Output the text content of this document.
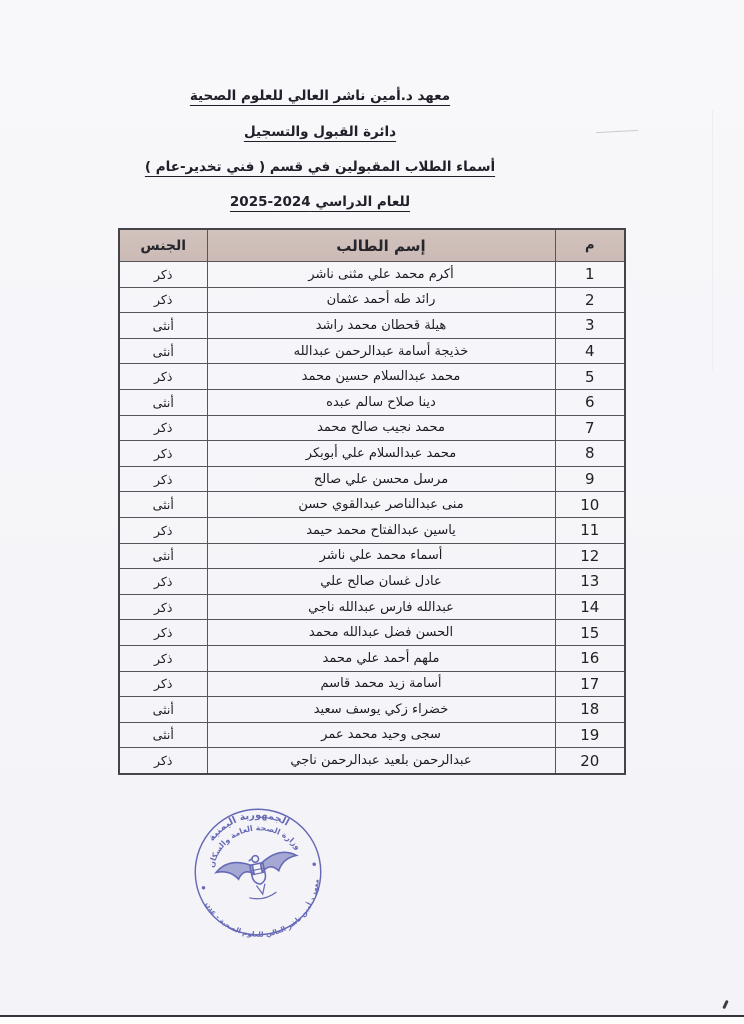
معهد د.أمين ناشر العالي للعلوم الصحية
دائرة القبول والتسجيل
أسماء الطلاب المقبولين في قسم ( فني تخدير-عام )
للعام الدراسي 2024-2025
م	إسم الطالب	الجنس
1	أكرم محمد علي مثنى ناشر	ذكر
2	رائد طه أحمد عثمان	ذكر
3	هيلة قحطان محمد راشد	أنثى
4	خذيجة أسامة عبدالرحمن عبدالله	أنثى
5	محمد عبدالسلام حسين محمد	ذكر
6	دينا صلاح سالم عبده	أنثى
7	محمد نجيب صالح محمد	ذكر
8	محمد عبدالسلام علي أبوبكر	ذكر
9	مرسل محسن علي صالح	ذكر
10	منى عبدالناصر عبدالقوي حسن	أنثى
11	ياسين عبدالفتاح محمد حيمد	ذكر
12	أسماء محمد علي ناشر	أنثى
13	عادل غسان صالح علي	ذكر
14	عبدالله فارس عبدالله ناجي	ذكر
15	الحسن فضل عبدالله محمد	ذكر
16	ملهم أحمد علي محمد	ذكر
17	أسامة زيد محمد قاسم	ذكر
18	خضراء زكي يوسف سعيد	أنثى
19	سجى وحيد محمد عمر	أنثى
20	عبدالرحمن بلعيد عبدالرحمن ناجي	ذكر
الجمهورية اليمنية
وزارة الصحة العامة والسكان
معهد د.أمين ناشر العالي للعلوم الصحية - عدن
